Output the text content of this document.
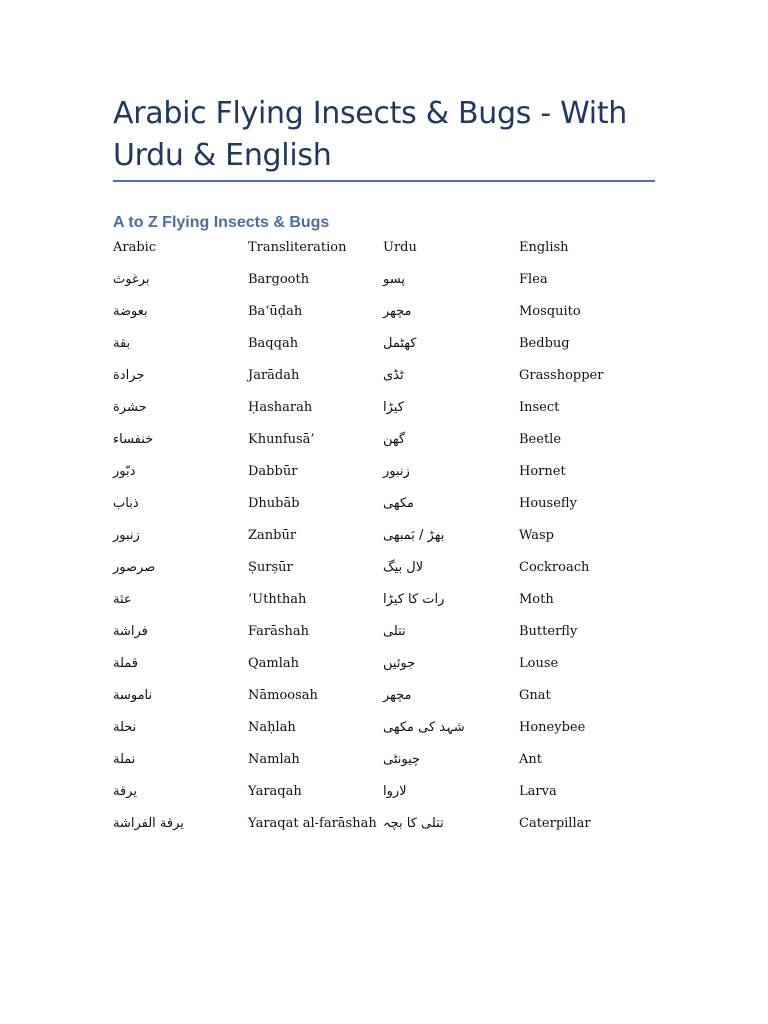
Arabic Flying Insects & Bugs - With Urdu & English
A to Z Flying Insects & Bugs
Arabic	Transliteration	Urdu	English
برغوث	Bargooth	پسو	Flea
بعوضة	Baʻūḍah	مچھر	Mosquito
بقة	Baqqah	کھٹمل	Bedbug
جرادة	Jarādah	ٹڈی	Grasshopper
حشرة	Ḥasharah	کیڑا	Insect
خنفساء	Khunfusā’	گھن	Beetle
دبّور	Dabbūr	زنبور	Hornet
ذباب	Dhubāb	مکھی	Housefly
زنبور	Zanbūr	بھڑ / بَمبھی	Wasp
صرصور	Ṣurṣūr	لال بیگ	Cockroach
عثة	ʻUththah	رات کا کیڑا	Moth
فراشة	Farāshah	تتلی	Butterfly
قملة	Qamlah	جوئیں	Louse
ناموسة	Nāmoosah	مچھر	Gnat
نحلة	Naḥlah	شہد کی مکھی	Honeybee
نملة	Namlah	چیونٹی	Ant
يرقة	Yaraqah	لاروا	Larva
يرقة الفراشة	Yaraqat al-farāshah	تتلی کا بچہ	Caterpillar
